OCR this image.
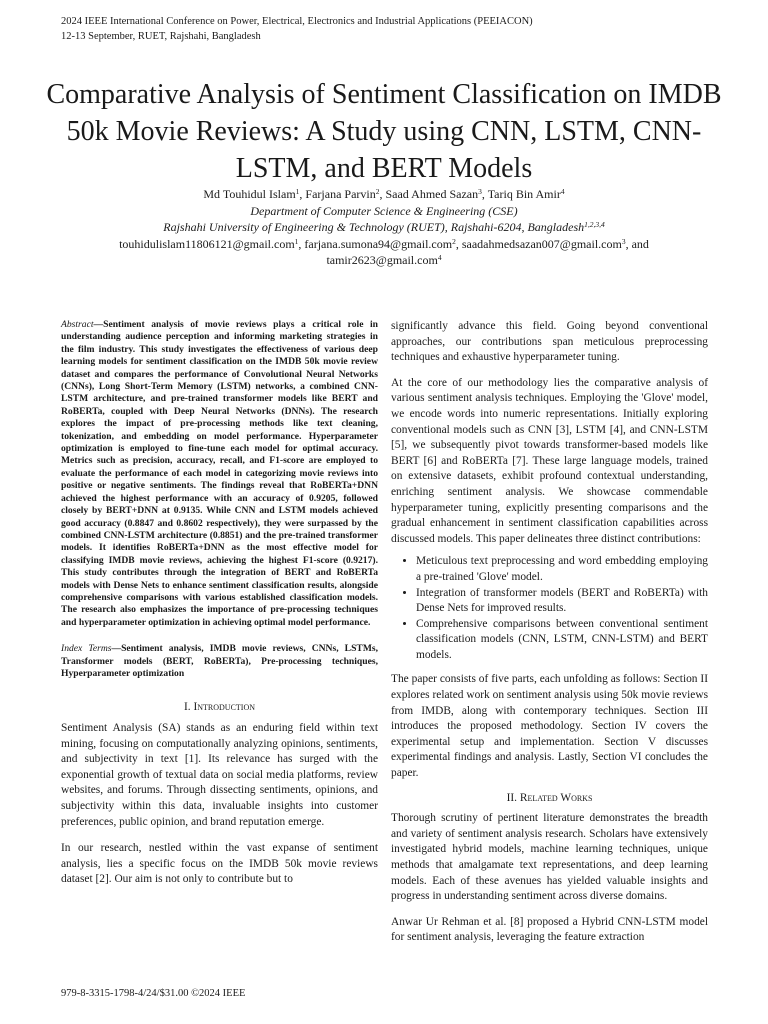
2024 IEEE International Conference on Power, Electrical, Electronics and Industrial Applications (PEEIACON)
12-13 September, RUET, Rajshahi, Bangladesh
Comparative Analysis of Sentiment Classification on IMDB 50k Movie Reviews: A Study using CNN, LSTM, CNN-LSTM, and BERT Models
Md Touhidul Islam$^1$, Farjana Parvin$^2$, Saad Ahmed Sazan$^3$, Tariq Bin Amir$^4$
Department of Computer Science & Engineering (CSE)
Rajshahi University of Engineering & Technology (RUET), Rajshahi-6204, Bangladesh$^{1,2,3,4}$
touhidulislam11806121@gmail.com$^1$, farjana.sumona94@gmail.com$^2$, saadahmedsazan007@gmail.com$^3$, and
tamir2623@gmail.com$^4$

Abstract—Sentiment analysis of movie reviews plays a critical role in understanding audience perception and informing marketing strategies in the film industry. This study investigates the effectiveness of various deep learning models for sentiment classification on the IMDB 50k movie review dataset and compares the performance of Convolutional Neural Networks (CNNs), Long Short-Term Memory (LSTM) networks, a combined CNN-LSTM architecture, and pre-trained transformer models like BERT and RoBERTa, coupled with Deep Neural Networks (DNNs). The research explores the impact of pre-processing methods like text cleaning, tokenization, and embedding on model performance. Hyperparameter optimization is employed to fine-tune each model for optimal accuracy. Metrics such as precision, accuracy, recall, and F1-score are employed to evaluate the performance of each model in categorizing movie reviews into positive or negative sentiments. The findings reveal that RoBERTa+DNN achieved the highest performance with an accuracy of 0.9205, followed closely by BERT+DNN at 0.9135. While CNN and LSTM models achieved good accuracy (0.8847 and 0.8602 respectively), they were surpassed by the combined CNN-LSTM architecture (0.8851) and the pre-trained transformer models. It identifies RoBERTa+DNN as the most effective model for classifying IMDB movie reviews, achieving the highest F1-score (0.9217). This study contributes through the integration of BERT and RoBERTa models with Dense Nets to enhance sentiment classification results, alongside comprehensive comparisons with various established classification models. The research also emphasizes the importance of pre-processing techniques and hyperparameter optimization in achieving optimal model performance.

Index Terms—Sentiment analysis, IMDB movie reviews, CNNs, LSTMs, Transformer models (BERT, RoBERTa), Pre-processing techniques, Hyperparameter optimization

I. Introduction

Sentiment Analysis (SA) stands as an enduring field within text mining, focusing on computationally analyzing opinions, sentiments, and subjectivity in text [1]. Its relevance has surged with the exponential growth of textual data on social media platforms, review websites, and forums. Through dissecting sentiments, opinions, and subjectivity within this data, invaluable insights into customer preferences, public opinion, and brand reputation emerge.

In our research, nestled within the vast expanse of sentiment analysis, lies a specific focus on the IMDB 50k movie reviews dataset [2]. Our aim is not only to contribute but to

significantly advance this field. Going beyond conventional approaches, our contributions span meticulous preprocessing techniques and exhaustive hyperparameter tuning.

At the core of our methodology lies the comparative analysis of various sentiment analysis techniques. Employing the 'Glove' model, we encode words into numeric representations. Initially exploring conventional models such as CNN [3], LSTM [4], and CNN-LSTM [5], we subsequently pivot towards transformer-based models like BERT [6] and RoBERTa [7]. These large language models, trained on extensive datasets, exhibit profound contextual understanding, enriching sentiment analysis. We showcase commendable hyperparameter tuning, explicitly presenting comparisons and the gradual enhancement in sentiment classification capabilities across discussed models. This paper delineates three distinct contributions:

• Meticulous text preprocessing and word embedding employing a pre-trained 'Glove' model.
• Integration of transformer models (BERT and RoBERTa) with Dense Nets for improved results.
• Comprehensive comparisons between conventional sentiment classification models (CNN, LSTM, CNN-LSTM) and BERT models.

The paper consists of five parts, each unfolding as follows: Section II explores related work on sentiment analysis using 50k movie reviews from IMDB, along with contemporary techniques. Section III introduces the proposed methodology. Section IV covers the experimental setup and implementation. Section V discusses experimental findings and analysis. Lastly, Section VI concludes the paper.

II. Related Works

Thorough scrutiny of pertinent literature demonstrates the breadth and variety of sentiment analysis research. Scholars have extensively investigated hybrid models, machine learning techniques, unique methods that amalgamate text representations, and deep learning models. Each of these avenues has yielded valuable insights and progress in understanding sentiment across diverse domains.

Anwar Ur Rehman et al. [8] proposed a Hybrid CNN-LSTM model for sentiment analysis, leveraging the feature extraction

979-8-3315-1798-4/24/$31.00 ©2024 IEEE
